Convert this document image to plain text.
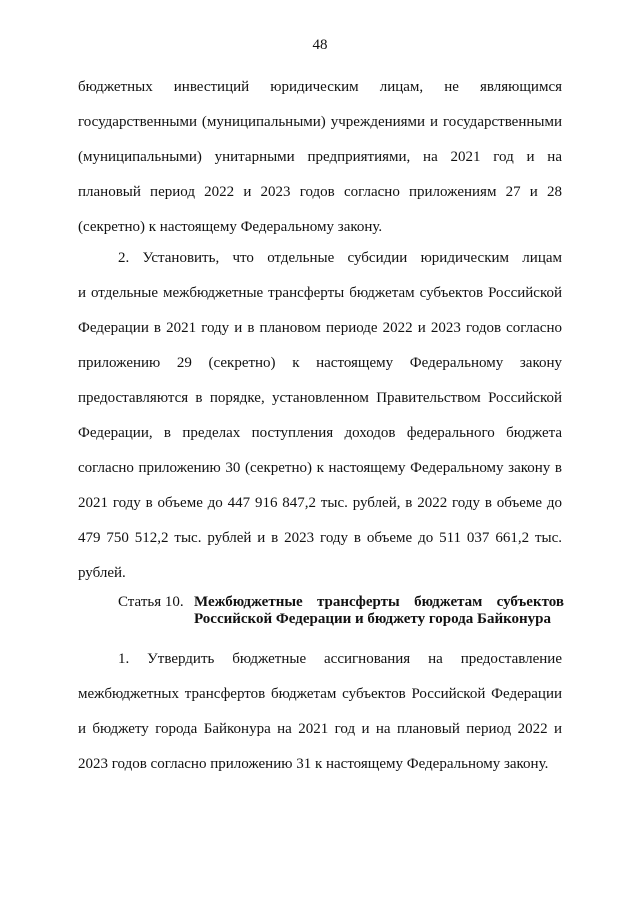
48
бюджетных инвестиций юридическим лицам, не являющимся
государственными (муниципальными) учреждениями и государственными
(муниципальными) унитарными предприятиями, на 2021 год и на
плановый период 2022 и 2023 годов согласно приложениям 27 и 28
(секретно) к настоящему Федеральному закону.
2. Установить, что отдельные субсидии юридическим лицам
и отдельные межбюджетные трансферты бюджетам субъектов Российской
Федерации в 2021 году и в плановом периоде 2022 и 2023 годов согласно
приложению 29 (секретно) к настоящему Федеральному закону
предоставляются в порядке, установленном Правительством Российской
Федерации, в пределах поступления доходов федерального бюджета
согласно приложению 30 (секретно) к настоящему Федеральному закону в
2021 году в объеме до 447 916 847,2 тыс. рублей, в 2022 году в объеме до
479 750 512,2 тыс. рублей и в 2023 году в объеме до 511 037 661,2 тыс.
рублей.
Статья 10. Межбюджетные трансферты бюджетам субъектов
Российской Федерации и бюджету города Байконура
1. Утвердить бюджетные ассигнования на предоставление
межбюджетных трансфертов бюджетам субъектов Российской Федерации
и бюджету города Байконура на 2021 год и на плановый период 2022 и
2023 годов согласно приложению 31 к настоящему Федеральному закону.
